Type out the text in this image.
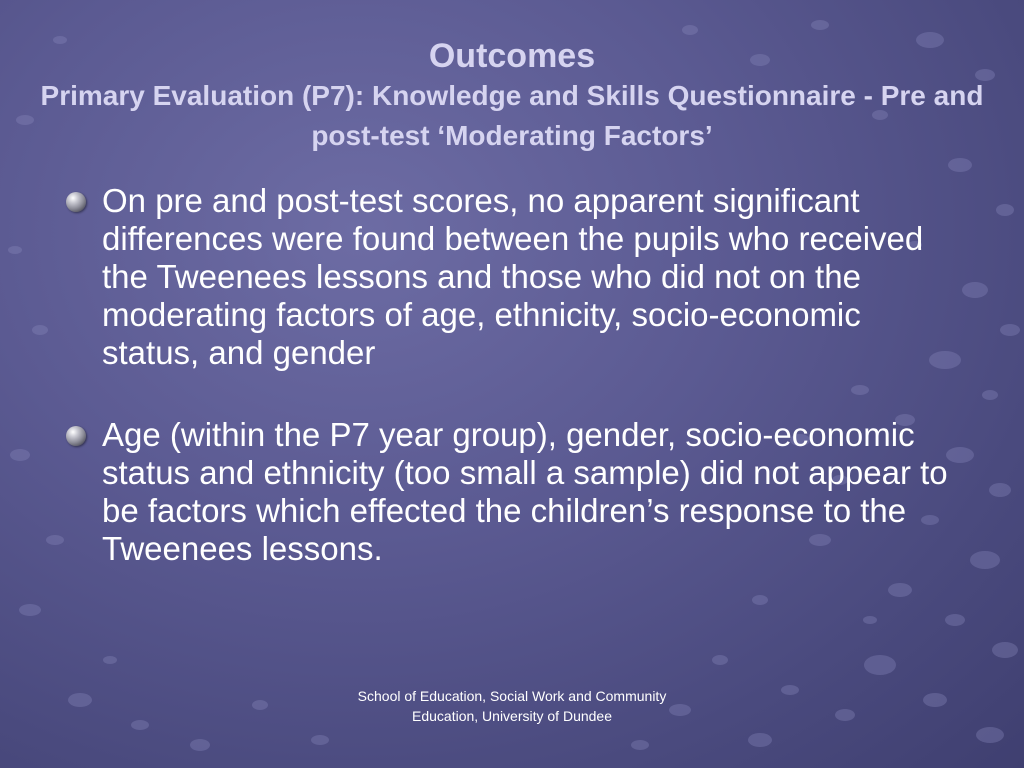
Outcomes
Primary Evaluation (P7): Knowledge and Skills Questionnaire - Pre and post-test ‘Moderating Factors’
On pre and post-test scores, no apparent significant differences were found between the pupils who received the Tweenees lessons and those who did not on the moderating factors of age, ethnicity, socio-economic status, and gender
Age (within the P7 year group), gender, socio-economic status and ethnicity (too small a sample) did not appear to be factors which effected the children’s response to the Tweenees lessons.
School of Education, Social Work and Community Education, University of Dundee
